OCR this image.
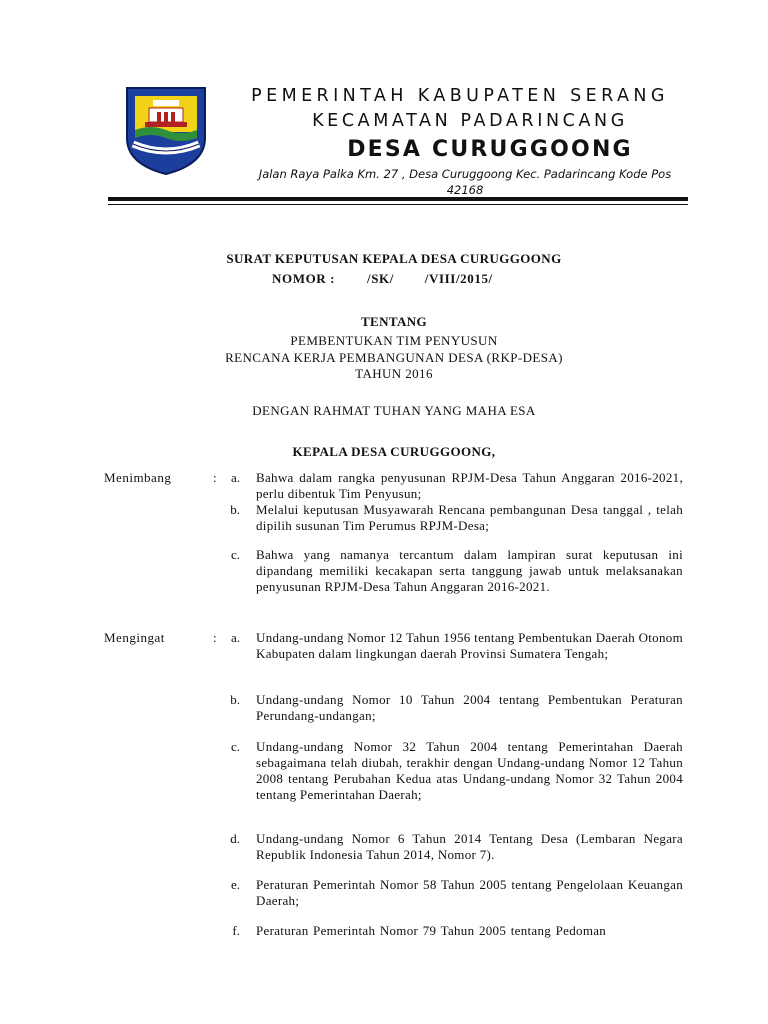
PEMERINTAH KABUPATEN SERANG
KECAMATAN PADARINCANG
DESA CURUGGOONG
Jalan Raya Palka Km. 27 , Desa Curuggoong Kec. Padarincang Kode Pos 42168
SURAT KEPUTUSAN KEPALA DESA CURUGGOONG
NOMOR : /SK/        /VIII/2015/
TENTANG
PEMBENTUKAN TIM PENYUSUN
RENCANA KERJA PEMBANGUNAN DESA (RKP-DESA)
TAHUN 2016
DENGAN RAHMAT TUHAN YANG MAHA ESA
KEPALA DESA CURUGGOONG,
Menimbang	:	a. Bahwa dalam rangka penyusunan RPJM-Desa Tahun Anggaran 2016-2021, perlu dibentuk Tim Penyusun;
b. Melalui keputusan Musyawarah Rencana pembangunan Desa tanggal , telah dipilih susunan Tim Perumus RPJM-Desa;
c. Bahwa yang namanya tercantum dalam lampiran surat keputusan ini dipandang memiliki kecakapan serta tanggung jawab untuk melaksanakan penyusunan RPJM-Desa Tahun Anggaran 2016-2021.
Mengingat	:	a. Undang-undang Nomor 12 Tahun 1956 tentang Pembentukan Daerah Otonom Kabupaten dalam lingkungan daerah Provinsi Sumatera Tengah;
b. Undang-undang Nomor 10 Tahun 2004 tentang Pembentukan Peraturan Perundang-undangan;
c. Undang-undang Nomor 32 Tahun 2004 tentang Pemerintahan Daerah sebagaimana telah diubah, terakhir dengan Undang-undang Nomor 12 Tahun 2008 tentang Perubahan Kedua atas Undang-undang Nomor 32 Tahun 2004 tentang Pemerintahan Daerah;
d. Undang-undang Nomor 6 Tahun 2014 Tentang Desa (Lembaran Negara Republik Indonesia Tahun 2014, Nomor 7).
e. Peraturan Pemerintah Nomor 58 Tahun 2005 tentang Pengelolaan Keuangan Daerah;
f. Peraturan Pemerintah Nomor 79 Tahun 2005 tentang Pedoman
